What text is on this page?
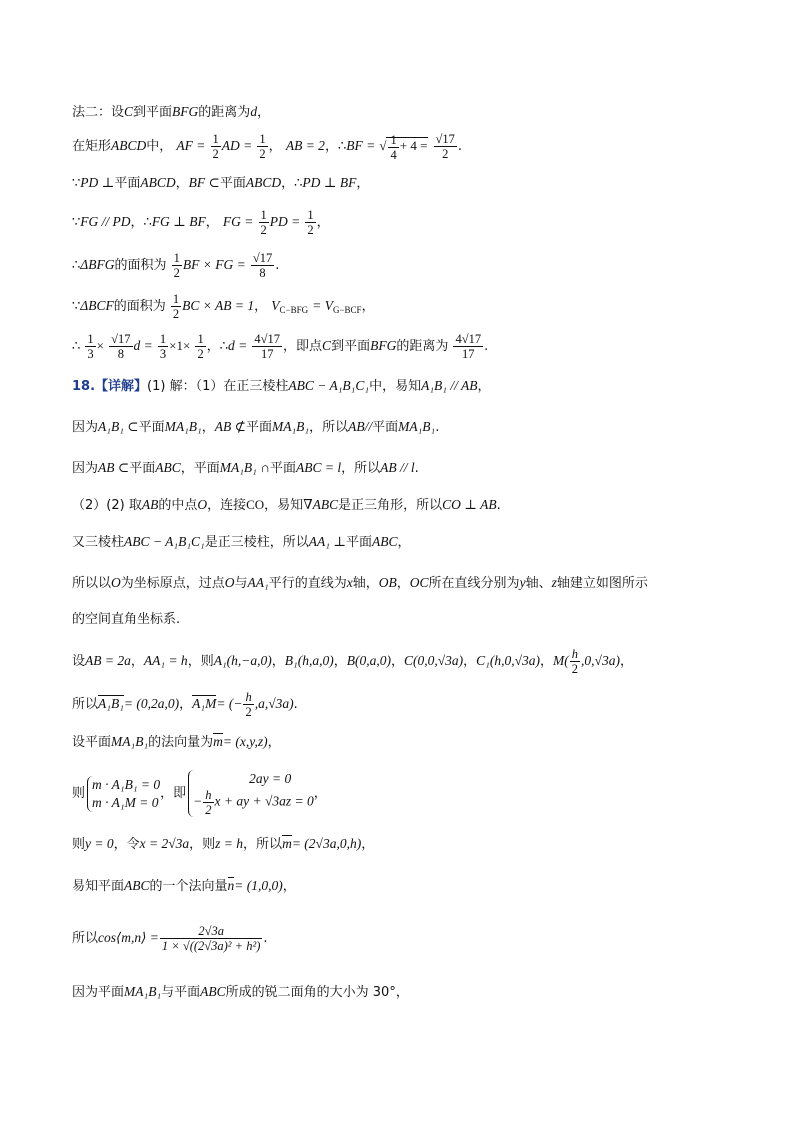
法二：设C到平面BFG的距离为d，
在矩形ABCD中， AF = $\frac{1}{2}$ AD = $\frac{1}{2}$ ， AB = 2，∴BF = √ $\frac{1}{4} + 4 = \frac{√17}{2}$ .
∵PD ⊥平面ABCD，BF ⊂平面ABCD，∴PD ⊥ BF，
∵FG // PD，∴FG ⊥ BF， FG = $\frac{1}{2}$ PD = $\frac{1}{2}$ ，
∴ΔBFG的面积为 $\frac{1}{2}$ BF × FG = $\frac{√17}{8}$ .
∵ΔBCF的面积为 $\frac{1}{2}$ BC × AB = 1， $V_{C-BFG} = V_{G-BCF}$，
∴ $\frac{1}{3} \times \frac{√17}{8}$ $d = \frac{1}{3} \times 1\times \frac{1}{2}$ ，∴d = $\frac{4√17}{17}$ ，即点C到平面BFG的距离为 $\frac{4√17}{17}$ .
18.【详解】(1) 解：（1）在正三棱柱ABC − A₁B₁C₁中，易知A₁B₁ // AB，
因为A₁B₁ ⊂平面MA₁B₁，AB ⊄平面MA₁B₁，所以AB//平面MA₁B₁.
因为AB ⊂平面ABC，平面MA₁B₁ ∩平面ABC = l，所以AB // l.
（2）(2) 取AB的中点O，连接CO，易知∇ABC是正三角形，所以CO ⊥ AB.
又三棱柱ABC − A₁B₁C₁是正三棱柱，所以AA₁ ⊥平面ABC，
所以以O为坐标原点，过点O与AA₁平行的直线为x轴，OB，OC所在直线分别为y轴、z轴建立如图所示
的空间直角坐标系.
设AB = 2a，AA₁ = h，则A₁(h,−a,0)，B₁(h,a,0)，B(0,a,0)，C(0,0,√3a)，C₁(h,0,√3a)，$M( \frac{h}{2} ,0,√3a)$，
所以A₁B₁= (0,2a,0)，A₁M= (− $\frac{h}{2} ,a,√3a$).
设平面MA₁B₁的法向量为m= (x,y,z)，
则
m · A₁B₁ = 0
m · A₁M = 0
，即
2ay = 0
− $\frac{h}{2}$ x + ay + √3az = 0
，
则y = 0，令x = 2√3a，则z = h，所以m= (2√3a,0,h)，
易知平面ABC的一个法向量n= (1,0,0)，
所以cos⟨m,n⟩ = $\frac{2√3a}{\text{1 × √((2√3a)² + h²)}}$ .
因为平面MA₁B₁与平面ABC所成的锐二面角的大小为 30°，
